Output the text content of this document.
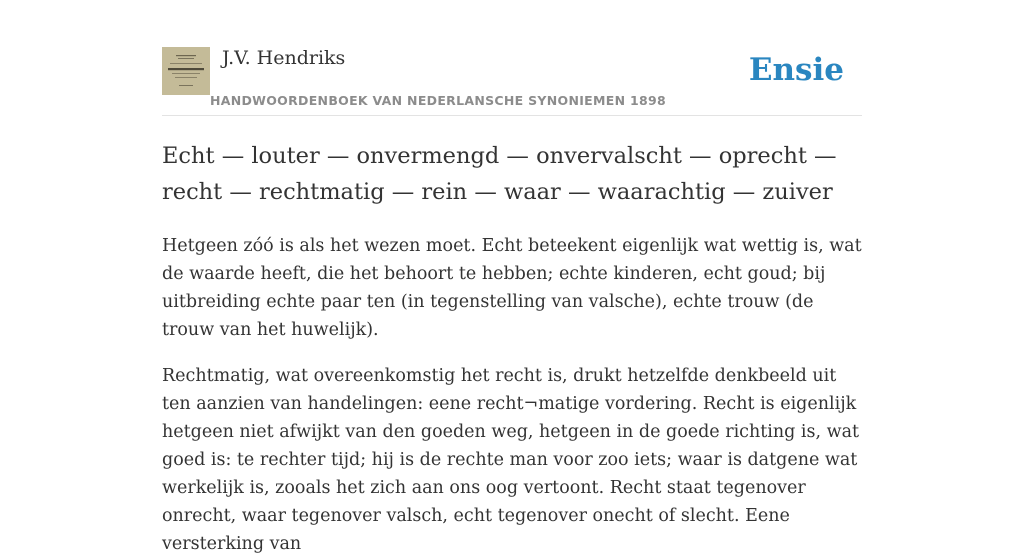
J.V. Hendriks
HANDWOORDENBOEK VAN NEDERLANSCHE SYNONIEMEN 1898
Ensie
Echt — louter — onvermengd — onvervalscht — oprecht — recht — rechtmatig — rein — waar — waarachtig — zuiver

Hetgeen zóó is als het wezen moet. Echt beteekent eigenlijk wat wettig is, wat de waarde heeft, die het behoort te hebben; echte kinderen, echt goud; bij uitbreiding echte paar ten (in tegenstelling van valsche), echte trouw (de trouw van het huwelijk).

Rechtmatig, wat overeenkomstig het recht is, drukt hetzelfde denkbeeld uit ten aanzien van handelingen: eene recht¬matige vordering. Recht is eigenlijk hetgeen niet afwijkt van den goeden weg, hetgeen in de goede richting is, wat goed is: te rechter tijd; hij is de rechte man voor zoo iets; waar is datgene wat werkelijk is, zooals het zich aan ons oog vertoont. Recht staat tegenover onrecht, waar tegenover valsch, echt tegenover onecht of slecht. Eene versterking van
